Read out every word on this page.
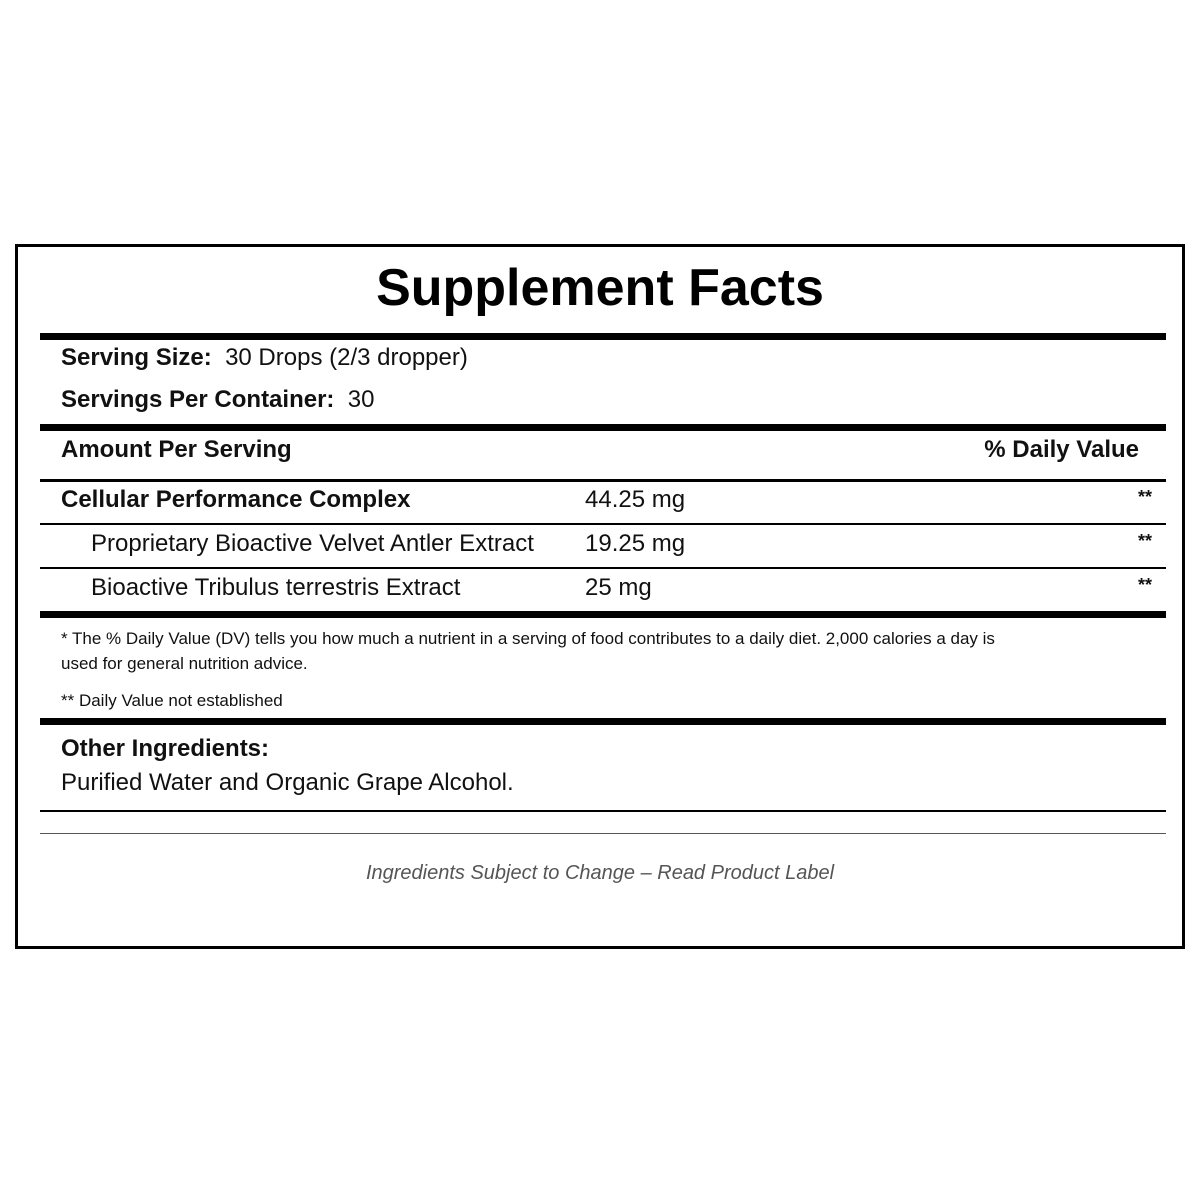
Supplement Facts
Serving Size: 30 Drops (2/3 dropper)
Servings Per Container: 30
Amount Per Serving	% Daily Value
Cellular Performance Complex	44.25 mg	**
Proprietary Bioactive Velvet Antler Extract 19.25 mg	**
Bioactive Tribulus terrestris Extract	25 mg	**
* The % Daily Value (DV) tells you how much a nutrient in a serving of food contributes to a daily diet. 2,000 calories a day is
used for general nutrition advice.
** Daily Value not established
Other Ingredients:
Purified Water and Organic Grape Alcohol.
Ingredients Subject to Change – Read Product Label
